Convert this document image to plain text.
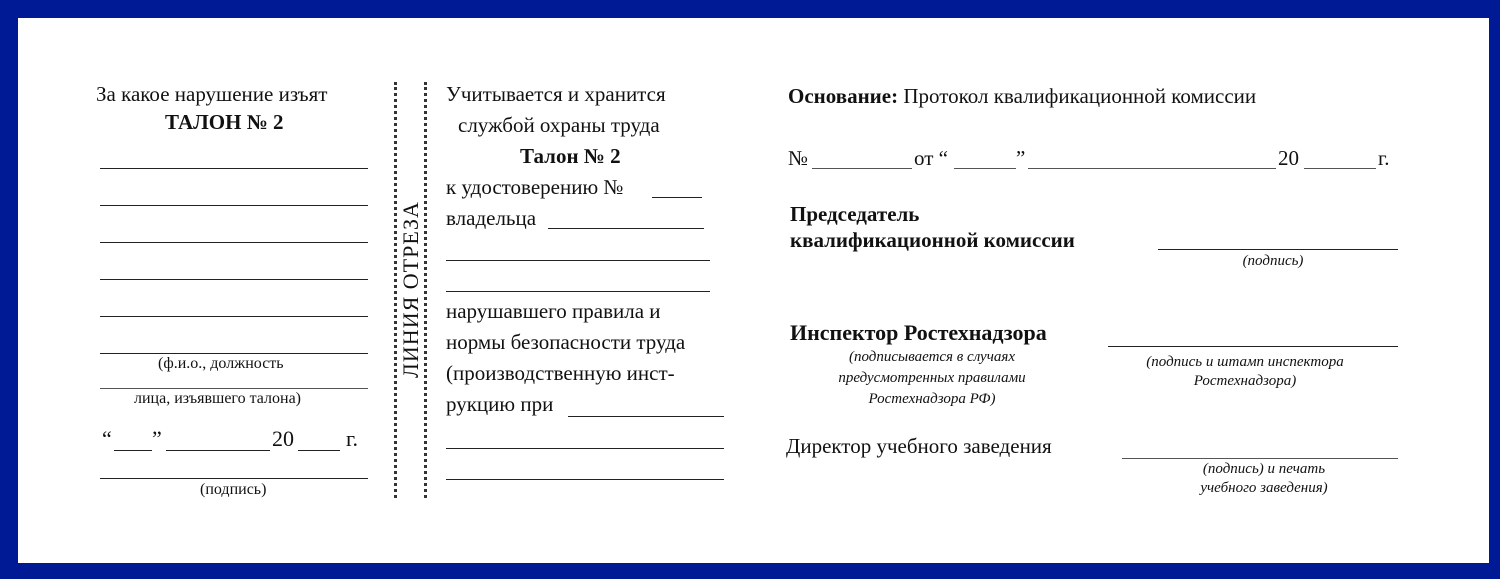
За какое нарушение изъят
ТАЛОН № 2
(ф.и.о., должность
лица, изъявшего талона)
“ ”	20 г.
(подпись)
ЛИНИЯ ОТРЕЗА
Учитывается и хранится
службой охраны труда
Талон № 2
к удостоверению №
владельца
нарушавшего правила и
нормы безопасности труда
(производственную инст-
рукцию при
Основание: Протокол квалификационной комиссии
№	от “	”	20	г.
Председатель
квалификационной комиссии
(подпись)
Инспектор Ростехнадзора
(подписывается в случаях
предусмотренных правилами
Ростехнадзора РФ)
(подпись и штамп инспектора
Ростехнадзора)
Директор учебного заведения
(подпись) и печать
учебного заведения)
